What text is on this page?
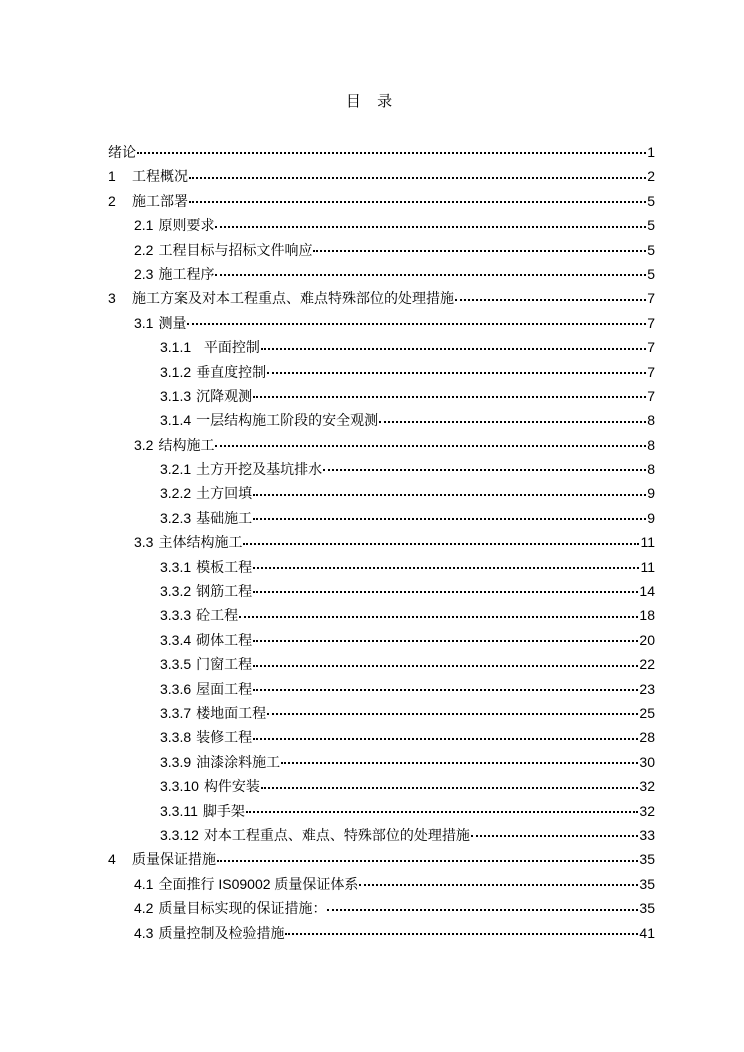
目 录
绪论	1
1	工程概况	2
2	施工部署	5
2.1 原则要求	5
2.2 工程目标与招标文件响应	5
2.3 施工程序	5
3	施工方案及对本工程重点、难点特殊部位的处理措施	7
3.1 测量	7
3.1.1 平面控制	7
3.1.2 垂直度控制	7
3.1.3 沉降观测	7
3.1.4 一层结构施工阶段的安全观测	8
3.2 结构施工	8
3.2.1 土方开挖及基坑排水	8
3.2.2 土方回填	9
3.2.3 基础施工	9
3.3 主体结构施工	11
3.3.1 模板工程	11
3.3.2 钢筋工程	14
3.3.3 砼工程	18
3.3.4 砌体工程	20
3.3.5 门窗工程	22
3.3.6 屋面工程	23
3.3.7 楼地面工程	25
3.3.8 装修工程	28
3.3.9 油漆涂料施工	30
3.3.10 构件安装	32
3.3.11 脚手架	32
3.3.12 对本工程重点、难点、特殊部位的处理措施	33
4	质量保证措施	35
4.1 全面推行 IS09002 质量保证体系	35
4.2 质量目标实现的保证措施：	35
4.3 质量控制及检验措施	41
